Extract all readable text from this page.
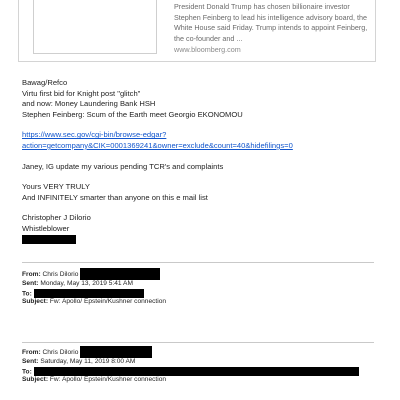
President Donald Trump has chosen billionaire investor Stephen Feinberg to lead his intelligence advisory board, the White House said Friday. Trump intends to appoint Feinberg, the co-founder and ...
www.bloomberg.com

Bawag/Refco

Virtu first bid for Knight post "glitch"

and now: Money Laundering Bank HSH

Stephen Feinberg: Scum of the Earth meet Georgio EKONOMOU

https://www.sec.gov/cgi-bin/browse-edgar?

action=getcompany&CIK=0001369241&owner=exclude&count=40&hidefilings=0

Janey, IG update my various pending TCR's and complaints

Yours VERY TRULY

And INFINITELY smarter than anyone on this e mail list

Christopher J Dilorio

Whistleblower

From: Chris Dilorio
Sent: Monday, May 13, 2019 5:41 AM
To:
Subject: Fw: Apollo/ Epstein/Kushner connection
From: Chris Dilorio
Sent: Saturday, May 11, 2019 8:00 AM
To:
Subject: Fw: Apollo/ Epstein/Kushner connection
